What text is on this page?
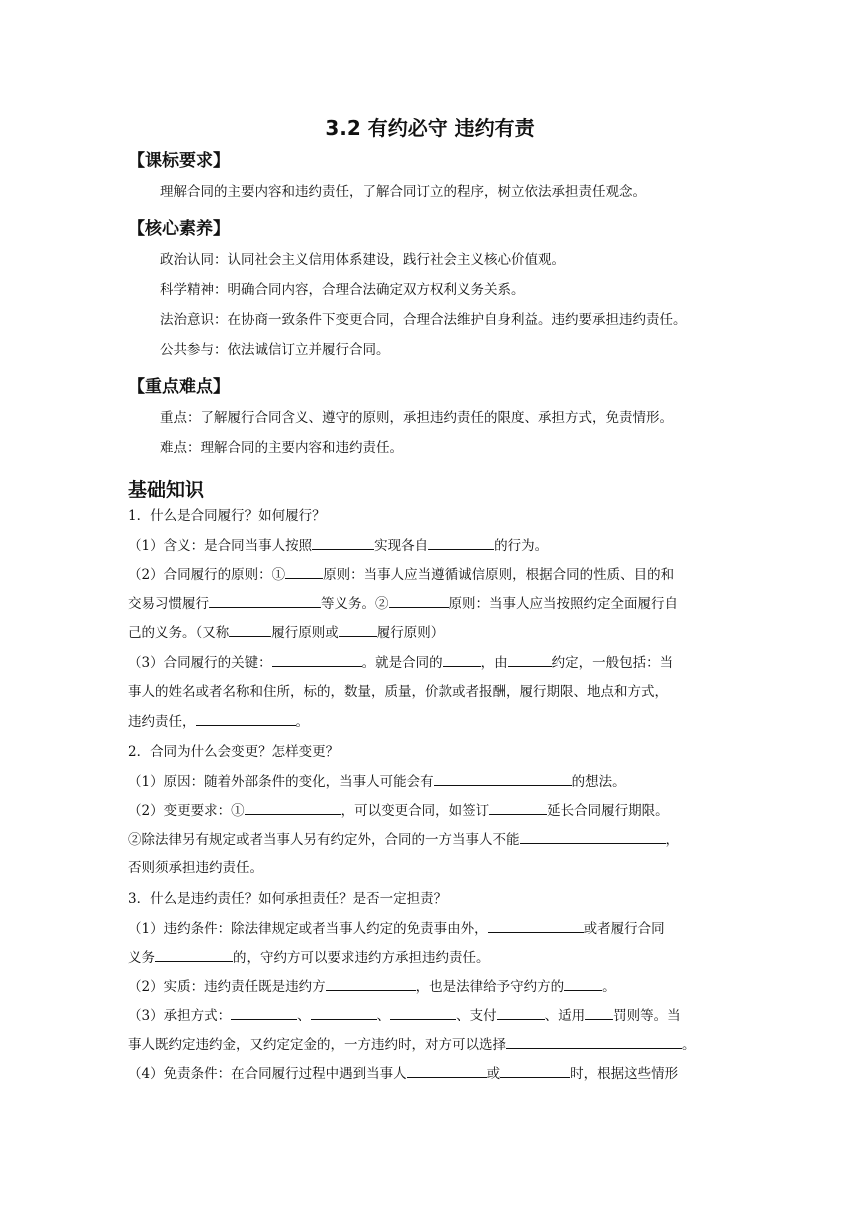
3.2 有约必守 违约有责
【课标要求】
理解合同的主要内容和违约责任，了解合同订立的程序，树立依法承担责任观念。
【核心素养】
政治认同：认同社会主义信用体系建设，践行社会主义核心价值观。
科学精神：明确合同内容，合理合法确定双方权利义务关系。
法治意识：在协商一致条件下变更合同，合理合法维护自身利益。违约要承担违约责任。
公共参与：依法诚信订立并履行合同。
【重点难点】
重点：了解履行合同含义、遵守的原则，承担违约责任的限度、承担方式，免责情形。
难点：理解合同的主要内容和违约责任。
基础知识
1．什么是合同履行？如何履行？
（1）含义：是合同当事人按照	实现各自	的行为。
（2）合同履行的原则：①	原则：当事人应当遵循诚信原则，根据合同的性质、目的和
交易习惯履行	等义务。②	原则：当事人应当按照约定全面履行自
己的义务。（又称	履行原则或	履行原则）
（3）合同履行的关键：	。就是合同的	，由	约定，一般包括：当
事人的姓名或者名称和住所，标的，数量，质量，价款或者报酬，履行期限、地点和方式，
违约责任，	。
2．合同为什么会变更？怎样变更？
（1）原因：随着外部条件的变化，当事人可能会有	的想法。
（2）变更要求：①	，可以变更合同，如签订	延长合同履行期限。
②除法律另有规定或者当事人另有约定外，合同的一方当事人不能	，
否则须承担违约责任。
3．什么是违约责任？如何承担责任？是否一定担责？
（1）违约条件：除法律规定或者当事人约定的免责事由外，	或者履行合同
义务	的，守约方可以要求违约方承担违约责任。
（2）实质：违约责任既是违约方	，也是法律给予守约方的	。
（3）承担方式：	、	、	、支付	、适用 罚则等。当
事人既约定违约金，又约定定金的，一方违约时，对方可以选择	。
（4）免责条件：在合同履行过程中遇到当事人	或	时，根据这些情形
